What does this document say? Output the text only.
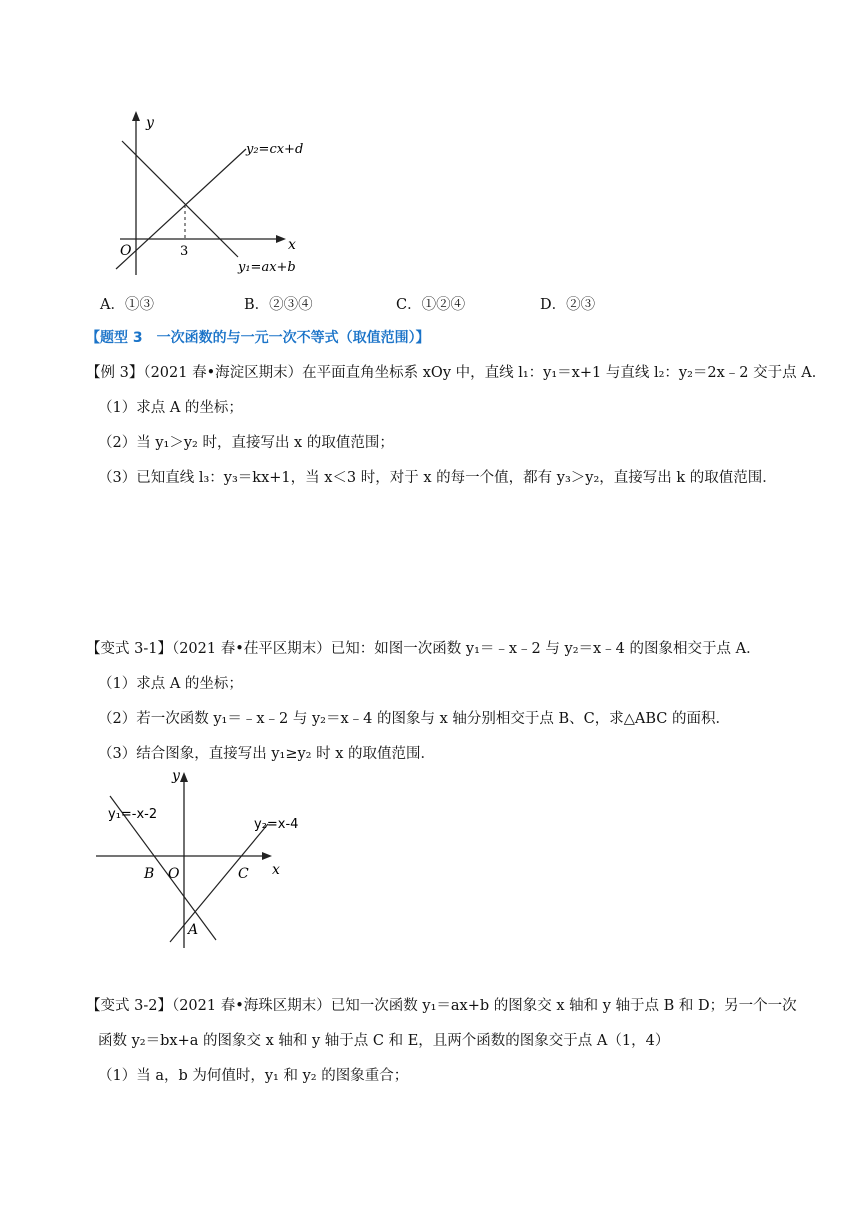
y
x
O	3
y₂=cx+d
y₁=ax+b
A．①③	B．②③④	C．①②④	D．②③
【题型 3　一次函数的与一元一次不等式（取值范围）】
【例 3】（2021 春•海淀区期末）在平面直角坐标系 xOy 中，直线 l₁：y₁＝x+1 与直线 l₂：y₂＝2x﹣2 交于点 A．
（1）求点 A 的坐标；
（2）当 y₁＞y₂ 时，直接写出 x 的取值范围；
（3）已知直线 l₃：y₃＝kx+1，当 x＜3 时，对于 x 的每一个值，都有 y₃＞y₂，直接写出 k 的取值范围．
【变式 3-1】（2021 春•茌平区期末）已知：如图一次函数 y₁＝﹣x﹣2 与 y₂＝x﹣4 的图象相交于点 A．
（1）求点 A 的坐标；
（2）若一次函数 y₁＝﹣x﹣2 与 y₂＝x﹣4 的图象与 x 轴分别相交于点 B、C，求△ABC 的面积．
（3）结合图象，直接写出 y₁≥y₂ 时 x 的取值范围．
y
x
y₁=-x-2
y₂=x-4
B O	C
A
【变式 3-2】（2021 春•海珠区期末）已知一次函数 y₁＝ax+b 的图象交 x 轴和 y 轴于点 B 和 D；另一个一次
函数 y₂＝bx+a 的图象交 x 轴和 y 轴于点 C 和 E，且两个函数的图象交于点 A（1，4）
（1）当 a，b 为何值时，y₁ 和 y₂ 的图象重合；
